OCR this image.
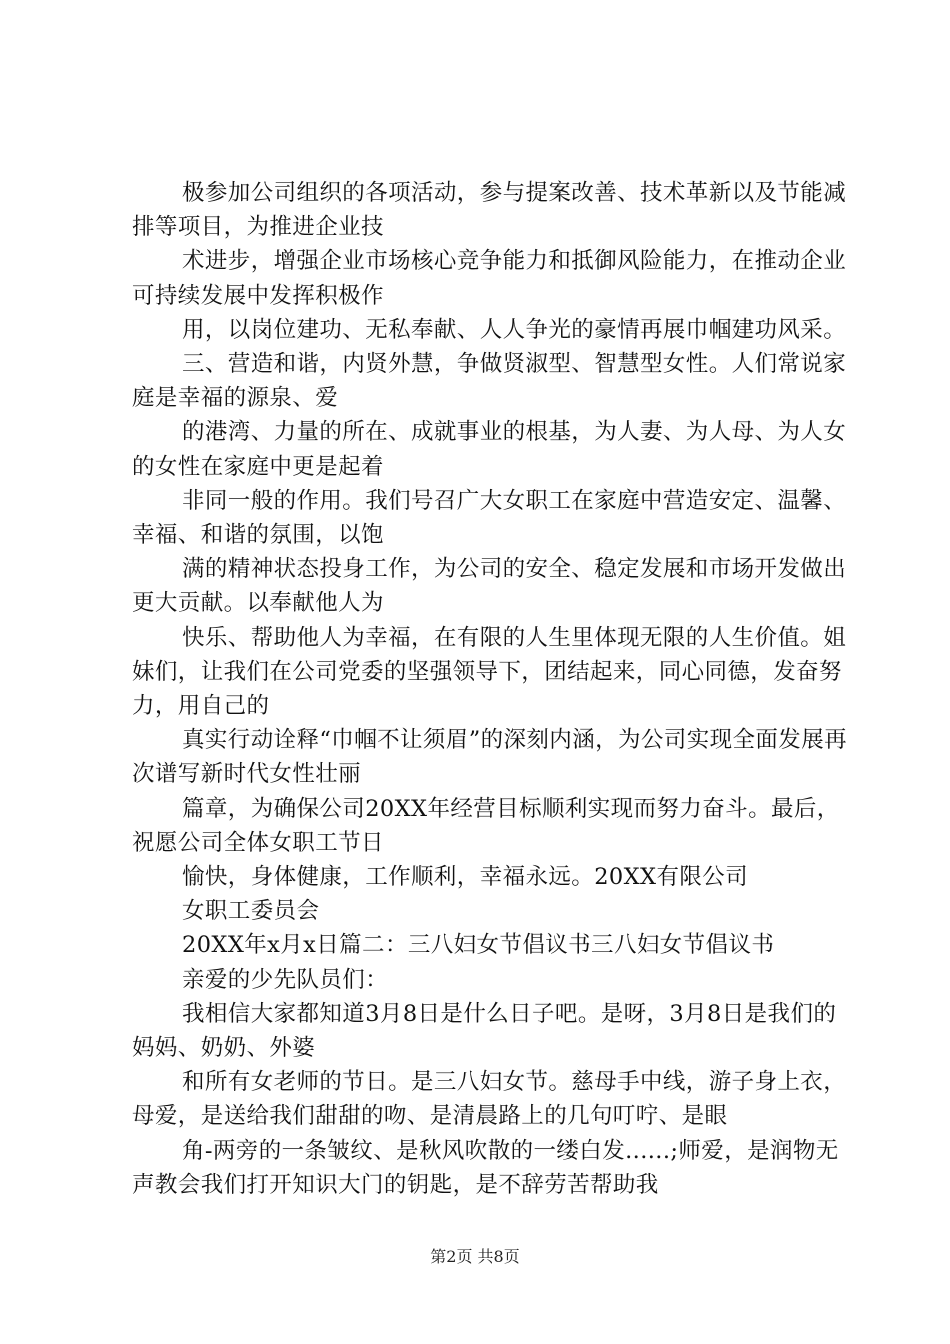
极参加公司组织的各项活动，参与提案改善、技术革新以及节能减排等项目，为推进企业技

术进步，增强企业市场核心竞争能力和抵御风险能力，在推动企业可持续发展中发挥积极作

用，以岗位建功、无私奉献、人人争光的豪情再展巾帼建功风采。

三、营造和谐，内贤外慧，争做贤淑型、智慧型女性。人们常说家庭是幸福的源泉、爱

的港湾、力量的所在、成就事业的根基，为人妻、为人母、为人女的女性在家庭中更是起着

非同一般的作用。我们号召广大女职工在家庭中营造安定、温馨、幸福、和谐的氛围，以饱

满的精神状态投身工作，为公司的安全、稳定发展和市场开发做出更大贡献。以奉献他人为

快乐、帮助他人为幸福，在有限的人生里体现无限的人生价值。姐妹们，让我们在公司党委的坚强领导下，团结起来，同心同德，发奋努力，用自己的

真实行动诠释“巾帼不让须眉”的深刻内涵，为公司实现全面发展再次谱写新时代女性壮丽

篇章，为确保公司20XX年经营目标顺利实现而努力奋斗。最后，祝愿公司全体女职工节日

愉快，身体健康，工作顺利，幸福永远。20XX有限公司

女职工委员会

20XX年x月x日篇二：三八妇女节倡议书三八妇女节倡议书

亲爱的少先队员们：

我相信大家都知道3月8日是什么日子吧。是呀，3月8日是我们的妈妈、奶奶、外婆

和所有女老师的节日。是三八妇女节。慈母手中线，游子身上衣，母爱，是送给我们甜甜的吻、是清晨路上的几句叮咛、是眼

角-两旁的一条皱纹、是秋风吹散的一缕白发......;师爱，是润物无声教会我们打开知识大门的钥匙，是不辞劳苦帮助我

第2页 共8页
